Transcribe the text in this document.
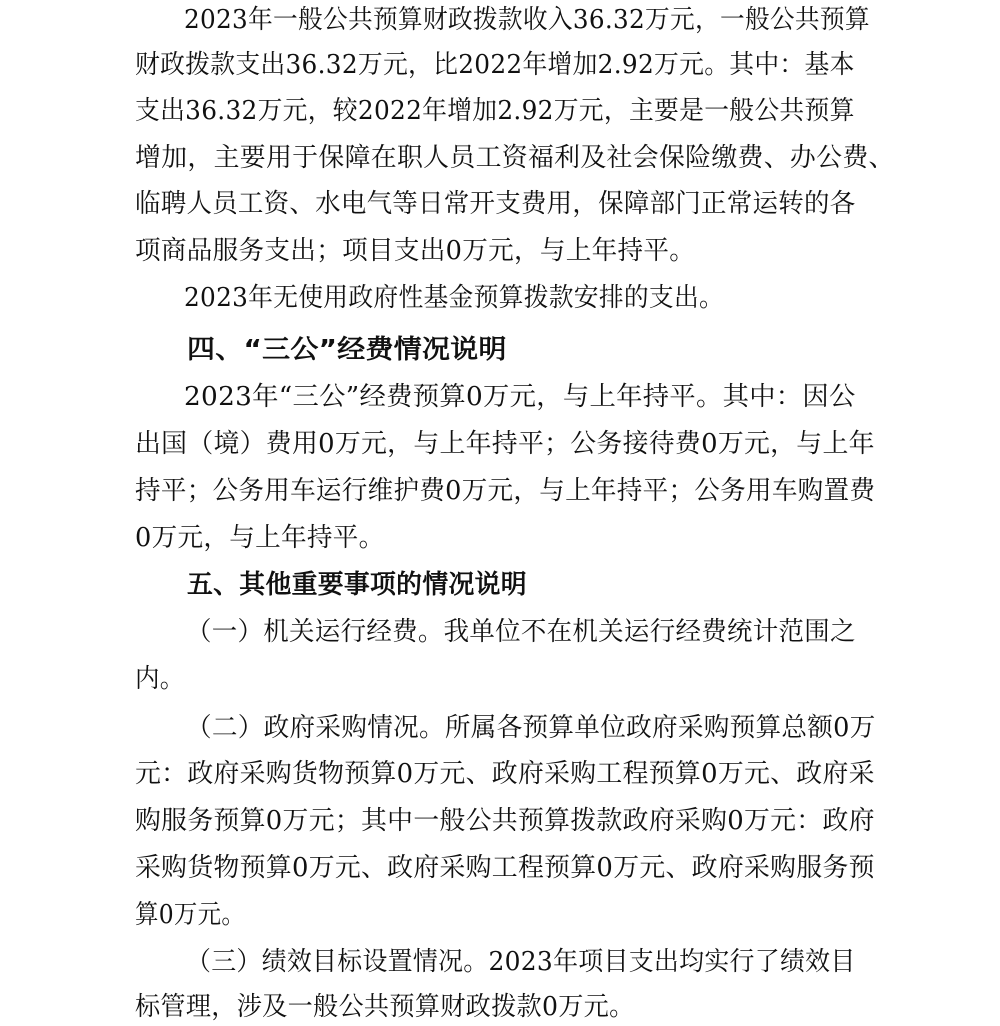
2023年一般公共预算财政拨款收入36.32万元，一般公共预算
财政拨款支出36.32万元，比2022年增加2.92万元。其中：基本
支出36.32万元，较2022年增加2.92万元，主要是一般公共预算
增加，主要用于保障在职人员工资福利及社会保险缴费、办公费、
临聘人员工资、水电气等日常开支费用，保障部门正常运转的各
项商品服务支出；项目支出0万元，与上年持平。
2023年无使用政府性基金预算拨款安排的支出。
四、“三公”经费情况说明
2023年“三公”经费预算0万元，与上年持平。其中：因公
出国（境）费用0万元，与上年持平；公务接待费0万元，与上年
持平；公务用车运行维护费0万元，与上年持平；公务用车购置费
0万元，与上年持平。
五、其他重要事项的情况说明
（一）机关运行经费。我单位不在机关运行经费统计范围之
内。
（二）政府采购情况。所属各预算单位政府采购预算总额0万
元：政府采购货物预算0万元、政府采购工程预算0万元、政府采
购服务预算0万元；其中一般公共预算拨款政府采购0万元：政府
采购货物预算0万元、政府采购工程预算0万元、政府采购服务预
算0万元。
（三）绩效目标设置情况。2023年项目支出均实行了绩效目
标管理，涉及一般公共预算财政拨款0万元。
